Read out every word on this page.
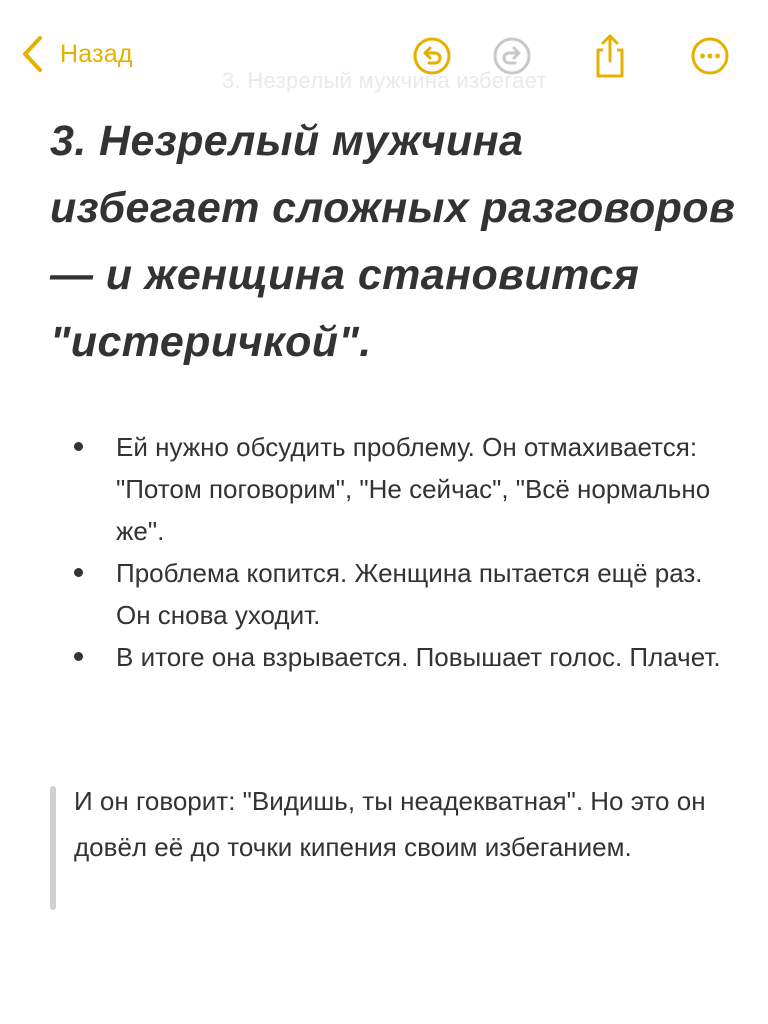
Назад
3. Незрелый мужчина избегает
3. Незрелый мужчина избегает сложных разговоров — и женщина становится "истеричкой".
Ей нужно обсудить проблему. Он отмахивается: "Потом поговорим", "Не сейчас", "Всё нормально же".
Проблема копится. Женщина пытается ещё раз. Он снова уходит.
В итоге она взрывается. Повышает голос. Плачет.
И он говорит: "Видишь, ты неадекватная". Но это он довёл её до точки кипения своим избеганием.
